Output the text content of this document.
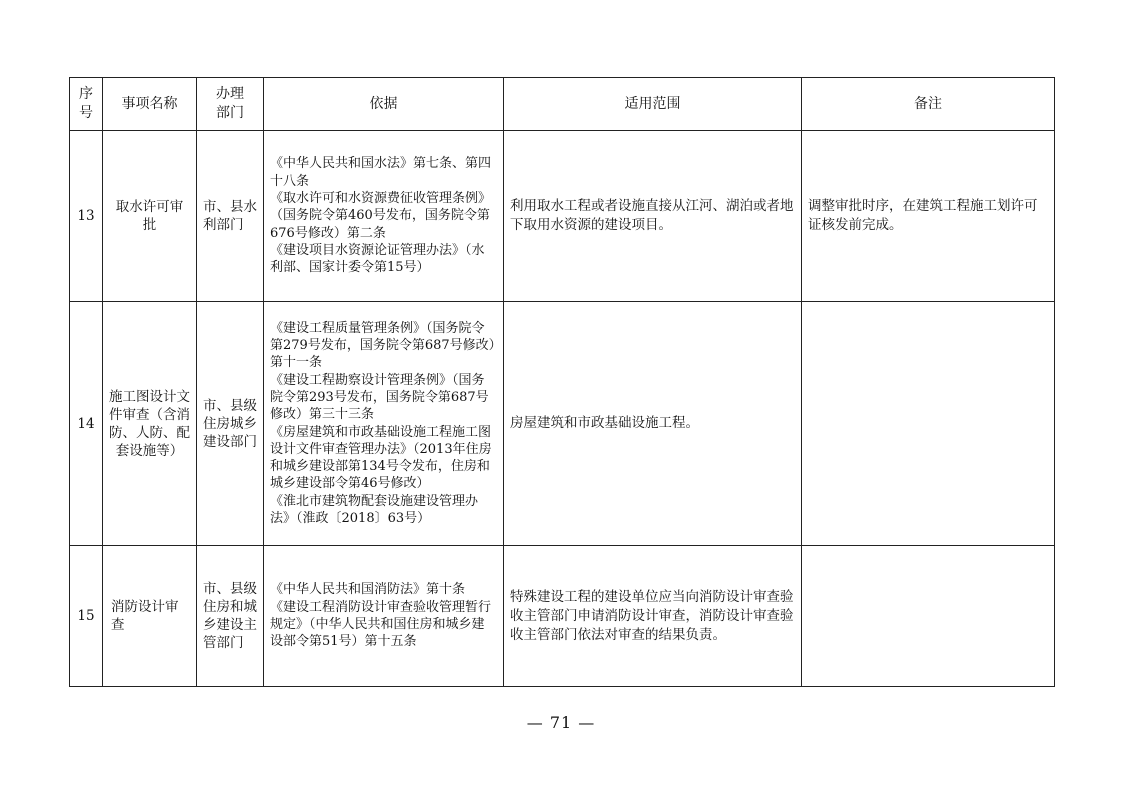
序号	事项名称	办理部门	依据	适用范围	备注
13	取水许可审批	市、县水利部门	《中华人民共和国水法》第七条、第四十八条
《取水许可和水资源费征收管理条例》（国务院令第460号发布，国务院令第676号修改）第二条
《建设项目水资源论证管理办法》（水利部、国家计委令第15号）	利用取水工程或者设施直接从江河、湖泊或者地下取用水资源的建设项目。	调整审批时序，在建筑工程施工划许可证核发前完成。
14	施工图设计文件审查（含消防、人防、配套设施等）	市、县级住房城乡建设部门	《建设工程质量管理条例》（国务院令第279号发布，国务院令第687号修改）第十一条
《建设工程勘察设计管理条例》（国务院令第293号发布，国务院令第687号修改）第三十三条
《房屋建筑和市政基础设施工程施工图设计文件审查管理办法》（2013年住房和城乡建设部第134号令发布，住房和城乡建设部令第46号修改）
《淮北市建筑物配套设施建设管理办法》（淮政〔2018〕63号）	房屋建筑和市政基础设施工程。	
15	消防设计审查	市、县级住房和城乡建设主管部门	《中华人民共和国消防法》第十条
《建设工程消防设计审查验收管理暂行规定》（中华人民共和国住房和城乡建设部令第51号）第十五条	特殊建设工程的建设单位应当向消防设计审查验收主管部门申请消防设计审查，消防设计审查验收主管部门依法对审查的结果负责。	
— 71 —
